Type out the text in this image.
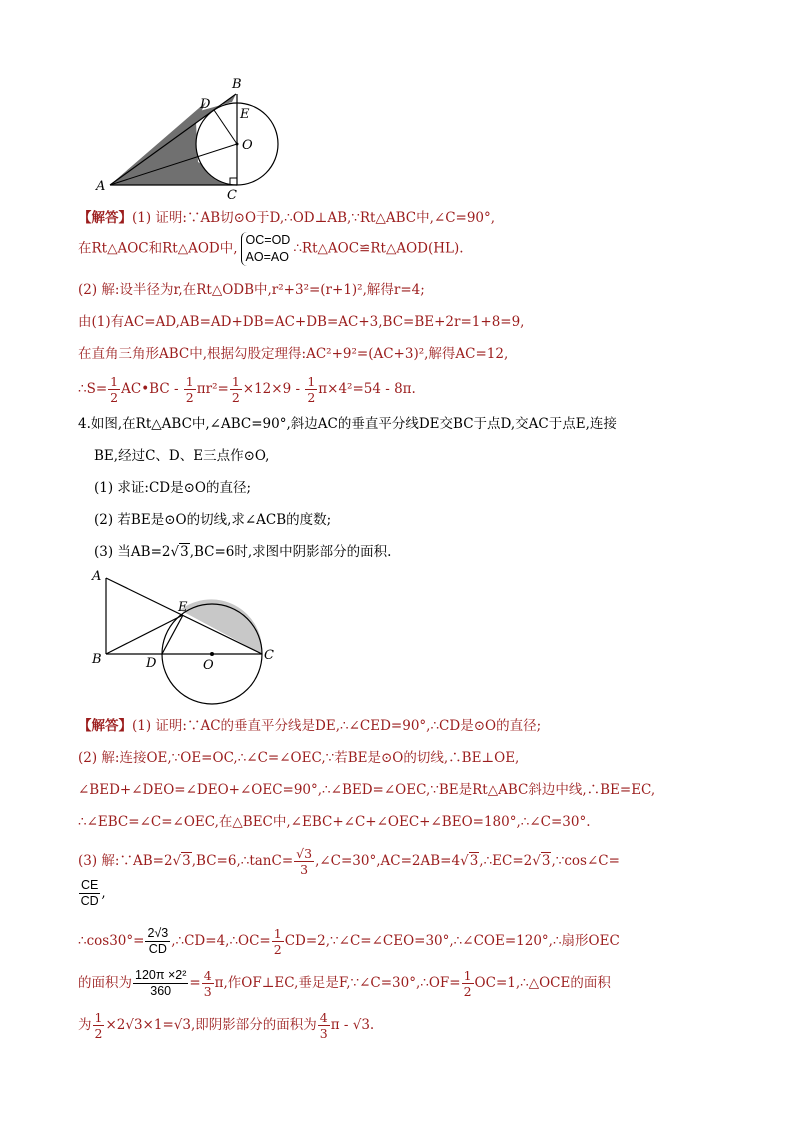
B
D
E
O
A
C
【解答】(1) 证明:∵AB切⊙O于D,∴OD⊥AB,∵Rt△ABC中,∠C=90°,
在Rt△AOC和Rt△AOD中,
OC=OD
AO=AO
∴Rt△AOC≌Rt△AOD(HL).
(2) 解:设半径为r,在Rt△ODB中,r²+3²=(r+1)²,解得r=4;
由(1)有AC=AD,AB=AD+DB=AC+DB=AC+3,BC=BE+2r=1+8=9,
在直角三角形ABC中,根据勾股定理得:AC²+9²=(AC+3)²,解得AC=12,
∴S= $\frac{1}{2}$ AC•BC - $\frac{1}{2} \pi r^2= \frac{1}{2} \times 12\times 9 - \frac{1}{2} \pi\times 4^2=54 - 8\pi$.
4.如图,在Rt△ABC中,∠ABC=90°,斜边AC的垂直平分线DE交BC于点D,交AC于点E,连接
BE,经过C、D、E三点作⊙O,
(1) 求证:CD是⊙O的直径;
(2) 若BE是⊙O的切线,求∠ACB的度数;
(3) 当AB=2√3,BC=6时,求图中阴影部分的面积.
A
E
B	D	O
C
【解答】(1) 证明:∵AC的垂直平分线是DE,∴∠CED=90°,∴CD是⊙O的直径;
(2) 解:连接OE,∵OE=OC,∴∠C=∠OEC,∵若BE是⊙O的切线,∴BE⊥OE,
∠BED+∠DEO=∠DEO+∠OEC=90°,∴∠BED=∠OEC,∵BE是Rt△ABC斜边中线,∴BE=EC,
∴∠EBC=∠C=∠OEC,在△BEC中,∠EBC+∠C+∠OEC+∠BEO=180°,∴∠C=30°.
(3) 解:∵AB=2√3,BC=6,∴tanC= $\frac{√3}{3}$ ,∠C=30°,AC=2AB=4√3,∴EC=2√3,∵cos∠C=
$\frac{CE}{CD}$ ,
∴cos30°= $\frac{2√3}{CD}$ ,∴CD=4,∴OC= $\frac{1}{2}$ CD=2,∵∠C=∠CEO=30°,∴∠COE=120°,∴扇形OEC
的面积为 $\frac{\text{120π ×2²}}{360} = \frac{4}{3} \pi$,作OF⊥EC,垂足是F,∵∠C=30°,∴OF= $\frac{1}{2}$ OC=1,∴△OCE的面积
为 $\frac{1}{2} \times 2√3\times 1=√3$,即阴影部分的面积为 $\frac{4}{3}$ π - √3.
